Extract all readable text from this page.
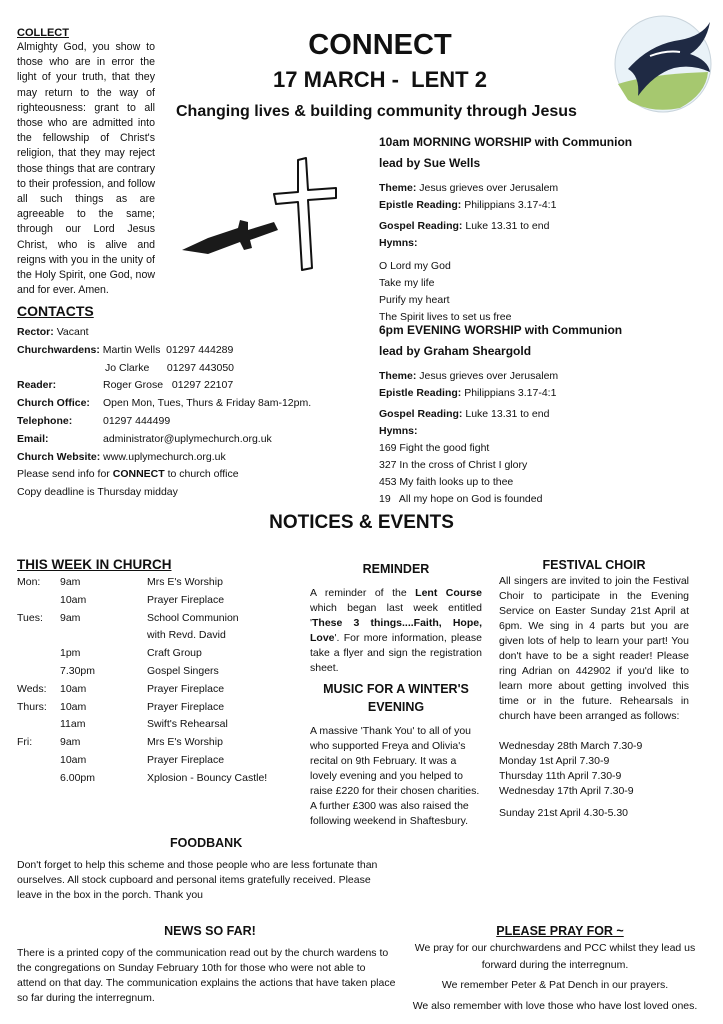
COLLECT
Almighty God, you show to those who are in error the light of your truth, that they may return to the way of righteousness: grant to all those who are admitted into the fellowship of Christ's religion, that they may reject those things that are contrary to their profession, and follow all such things as are agreeable to the same; through our Lord Jesus Christ, who is alive and reigns with you in the unity of the Holy Spirit, one God, now and for ever. Amen.
CONNECT
17 MARCH -  LENT 2
Changing lives & building community through Jesus
CONTACTS
Rector: Vacant
Churchwardens: Martin Wells  01297 444289
Jo Clarke      01297 443050
Reader:	Roger Grose   01297 22107
Church Office: Open Mon, Tues, Thurs & Friday 8am-12pm.
Telephone:	01297 444499
Email:	administrator@uplymechurch.org.uk
Church Website: www.uplymechurch.org.uk
Please send info for CONNECT to church office
Copy deadline is Thursday midday
10am MORNING WORSHIP with Communion
lead by Sue Wells
Theme: Jesus grieves over Jerusalem
Epistle Reading: Philippians 3.17-4:1
Gospel Reading: Luke 13.31 to end
Hymns:
O Lord my God
Take my life
Purify my heart
The Spirit lives to set us free
6pm EVENING WORSHIP with Communion
lead by Graham Sheargold
Theme: Jesus grieves over Jerusalem
Epistle Reading: Philippians 3.17-4:1
Gospel Reading: Luke 13.31 to end
Hymns:
169 Fight the good fight
327 In the cross of Christ I glory
453 My faith looks up to thee
19   All my hope on God is founded
NOTICES & EVENTS
THIS WEEK IN CHURCH
Mon:	9am	Mrs E's Worship
10am	Prayer Fireplace
Tues:	9am	School Communion
with Revd. David
1pm	Craft Group
7.30pm	Gospel Singers
Weds:	10am	Prayer Fireplace
Thurs:	10am	Prayer Fireplace
11am	Swift's Rehearsal
Fri:	9am	Mrs E's Worship
10am	Prayer Fireplace
6.00pm	Xplosion - Bouncy Castle!
REMINDER
A reminder of the Lent Course which began last week entitled 'These 3 things....Faith, Hope, Love'. For more information, please take a flyer and sign the registration sheet.
MUSIC FOR A WINTER'S EVENING
A massive 'Thank You' to all of you who supported Freya and Olivia's recital on 9th February. It was a lovely evening and you helped to raise £220 for their chosen charities. A further £300 was also raised the following weekend in Shaftesbury.
FESTIVAL CHOIR
All singers are invited to join the Festival Choir to participate in the Evening Service on Easter Sunday 21st April at 6pm. We sing in 4 parts but you are given lots of help to learn your part! You don't have to be a sight reader! Please ring Adrian on 442902 if you'd like to learn more about getting involved this time or in the future. Rehearsals in church have been arranged as follows:
Wednesday 28th March 7.30-9
Monday 1st April 7.30-9
Thursday 11th April 7.30-9
Wednesday 17th April 7.30-9
Sunday 21st April 4.30-5.30
FOODBANK
Don't forget to help this scheme and those people who are less fortunate than ourselves. All stock cupboard and personal items gratefully received. Please leave in the box in the porch. Thank you
NEWS SO FAR!
There is a printed copy of the communication read out by the church wardens to the congregations on Sunday February 10th for those who were not able to attend on that day. The communication explains the actions that have taken place so far during the interregnum.
PLEASE PRAY FOR ~
We pray for our churchwardens and PCC whilst they lead us forward during the interregnum.
We remember Peter & Pat Dench in our prayers.
We also remember with love those who have lost loved ones.
